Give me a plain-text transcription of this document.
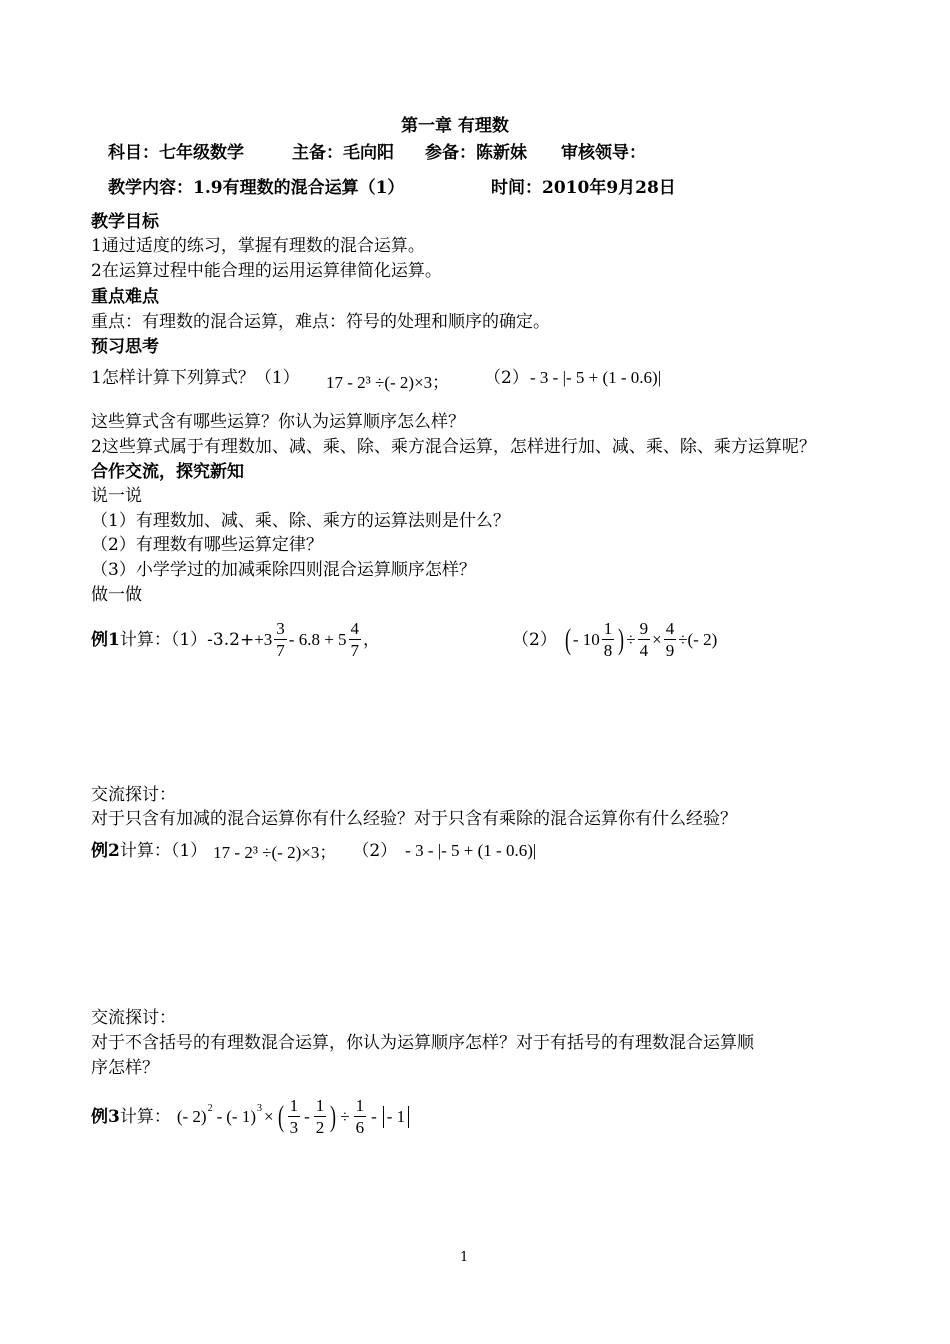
第一章 有理数
科目：七年级数学	主备：毛向阳 参备：陈新妹 审核领导：
教学内容：1.9有理数的混合运算（1）	时间：2010年9月28日
教学目标
1通过适度的练习，掌握有理数的混合运算。
2在运算过程中能合理的运用运算律简化运算。
重点难点
重点：有理数的混合运算，难点：符号的处理和顺序的确定。
预习思考
1怎样计算下列算式？（1） 17 - 2³ ÷(- 2)×3； （2） - 3 - |- 5 + (1 - 0.6)|
这些算式含有哪些运算？你认为运算顺序怎么样？
2这些算式属于有理数加、减、乘、除、乘方混合运算，怎样进行加、减、乘、除、乘方运算呢？
合作交流，探究新知
说一说
（1）有理数加、减、乘、除、乘方的运算法则是什么？
（2）有理数有哪些运算定律？
（3）小学学过的加减乘除四则混合运算顺序怎样？
做一做
例1 计算：（1） $-3.2+ +3 \frac{3}{7} - 6.8 + 5 \frac{4}{7}$ ，	（2） ( - $10 \frac{1}{8}$ ) ÷ $\frac{9}{4} \times \frac{4}{9}$ ÷(- 2)
交流探讨：
对于只含有加减的混合运算你有什么经验？对于只含有乘除的混合运算你有什么经验？
例2 计算：（1） 17 - 2³ ÷(- 2)×3； （2） - 3 - |- 5 + (1 - 0.6)|
交流探讨：
对于不含括号的有理数混合运算，你认为运算顺序怎样？对于有括号的有理数混合运算顺
序怎样？
例3 计算： (- 2) 2 - (- 1) 3 × ( $\frac{1}{3} - \frac{1}{2}$ ) ÷ $\frac{1}{6}$ - - 1
1
